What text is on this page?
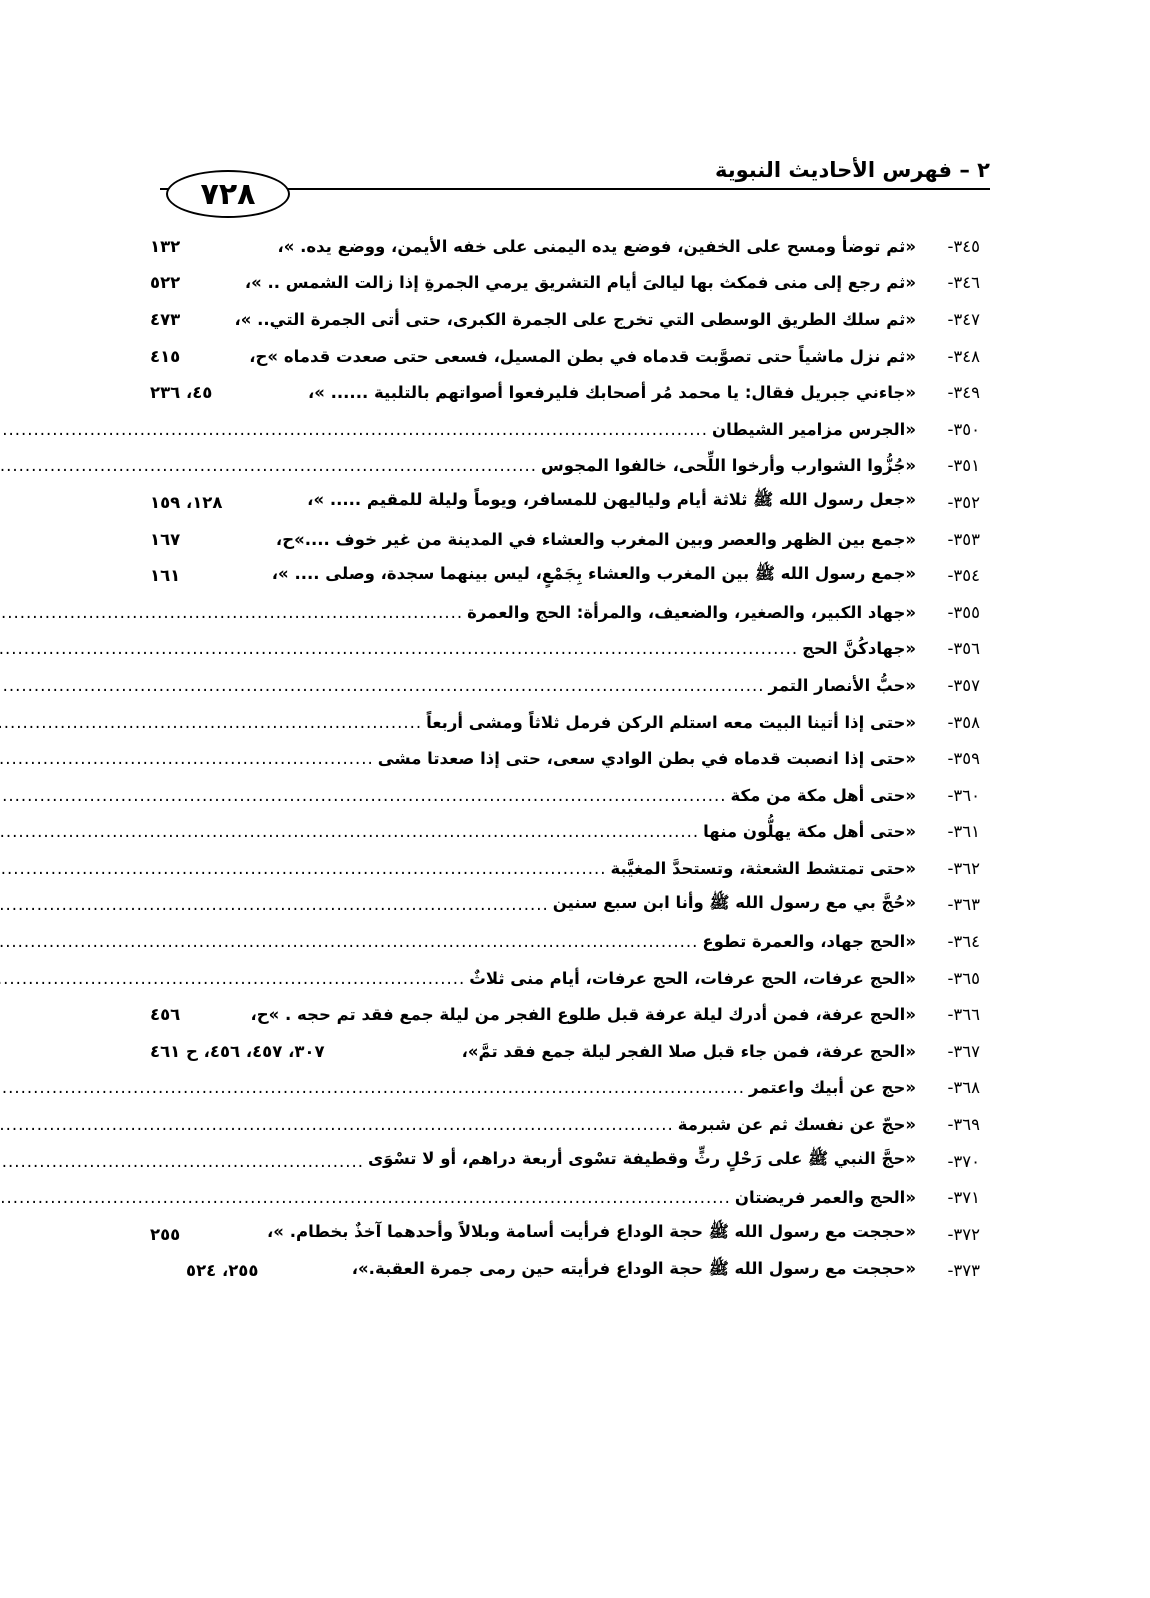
٢ – فهرس الأحاديث النبوية
٧٢٨
٣٤٥-
«ثم توضأ ومسح على الخفين، فوضع يده اليمنى على خفه الأيمن، ووضع يده. »،
١٣٢
٣٤٦-
«ثم رجع إلى منى فمكث بها ليالىَ أيام التشريق يرمي الجمرةِ إذا زالت الشمس .. »،
٥٢٢
٣٤٧-
«ثم سلك الطريق الوسطى التي تخرج على الجمرة الكبرى، حتى أتى الجمرة التي.. »،
٤٧٣
٣٤٨-
«ثم نزل ماشياً حتى تصوَّبت قدماه في بطن المسيل، فسعى حتى صعدت قدماه »ح،
٤١٥
٣٤٩-
«جاءني جبريل فقال: يا محمد مُر أصحابك فليرفعوا أصواتهم بالتلبية ...... »،
٤٥، ٢٣٦
٣٥٠-
«الجرس مزامير الشيطان
.....
٣٥١-
«جُزُّوا الشوارب وأرخوا اللِّحى، خالفوا المجوس
.....
٣٥٢-
«جعل رسول الله ﷺ ثلاثة أيام ولياليهن للمسافر، ويوماً وليلة للمقيم ..... »،
١٢٨، ١٥٩
٣٥٣-
«جمع بين الظهر والعصر وبين المغرب والعشاء في المدينة من غير خوف ....»ح،
١٦٧
٣٥٤-
«جمع رسول الله ﷺ بين المغرب والعشاء بِجَمْعٍ، ليس بينهما سجدة، وصلى .... »،
١٦١
٣٥٥-
«جهاد الكبير، والصغير، والضعيف، والمرأة: الحج والعمرة
.....
٣٥٦-
«جهادكُنَّ الحج
.....
٣٥٧-
«حبُّ الأنصار التمر
.....
٣٥٨-
«حتى إذا أتينا البيت معه استلم الركن فرمل ثلاثاً ومشى أربعاً
.....
٣٥٩-
«حتى إذا انصبت قدماه في بطن الوادي سعى، حتى إذا صعدتا مشى
.....
٣٦٠-
«حتى أهل مكة من مكة
.....
٣٦١-
«حتى أهل مكة يهلُّون منها
.....
٣٦٢-
«حتى تمتشط الشعثة، وتستحدَّ المغيَّبة
.....
٣٦٣-
«حُجَّ بي مع رسول الله ﷺ وأنا ابن سبع سنين
.....
٣٦٤-
«الحج جهاد، والعمرة تطوع
.....
٣٦٥-
«الحج عرفات، الحج عرفات، الحج عرفات، أيام منى ثلاثٌ
.....
٣٦٦-
«الحج عرفة، فمن أدرك ليلة عرفة قبل طلوع الفجر من ليلة جمع فقد تم حجه . »ح،
٤٥٦
٣٦٧-
«الحج عرفة، فمن جاء قبل صلا الفجر ليلة جمع فقد تمَّ»،
٣٠٧، ٤٥٧، ٤٥٦، ح ٤٦١
٣٦٨-
«حج عن أبيك واعتمر
.....
٣٦٩-
«حجّ عن نفسك ثم عن شبرمة
.....
٣٧٠-
«حجَّ النبي ﷺ على رَحْلٍ رثٍّ وقطيفة تسْوى أربعة دراهم، أو لا تسْوَى
.....
٣٧١-
«الحج والعمر فريضتان
.....
٣٧٢-
«حججت مع رسول الله ﷺ حجة الوداع فرأيت أسامة وبلالاً وأحدهما آخذٌ بخطام. »،
٢٥٥
٣٧٣-
«حججت مع رسول الله ﷺ حجة الوداع فرأيته حين رمى جمرة العقبة.»،
٢٥٥، ٥٢٤
